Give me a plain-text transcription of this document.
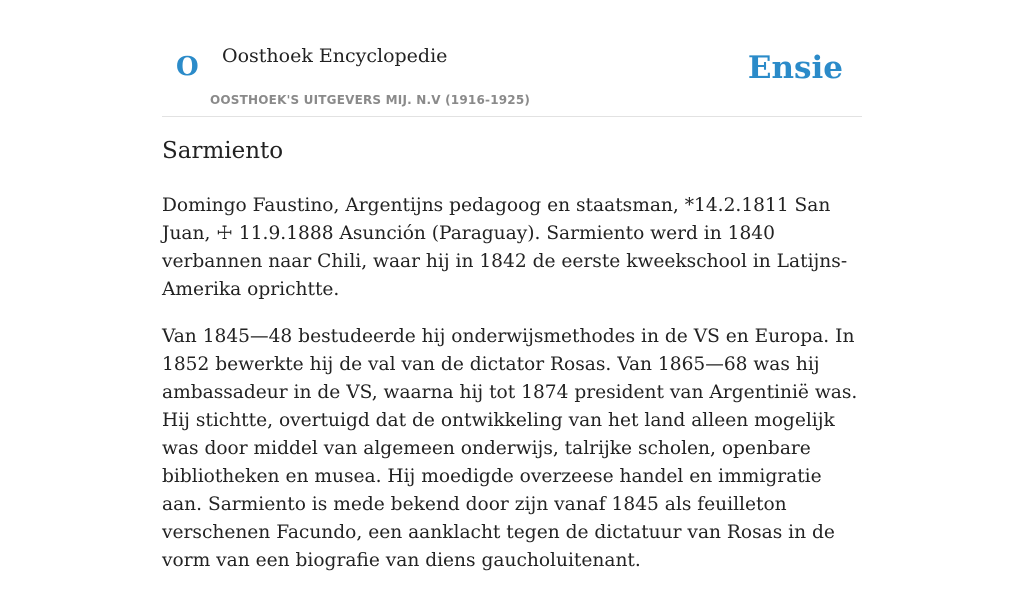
O Oosthoek Encyclopedie
OOSTHOEK'S UITGEVERS MIJ. N.V (1916-1925)
Ensie
Sarmiento

Domingo Faustino, Argentijns pedagoog en staatsman, *14.2.1811 San Juan, ☩ 11.9.1888 Asunción (Paraguay). Sarmiento werd in 1840 verbannen naar Chili, waar hij in 1842 de eerste kweekschool in Latijns-Amerika oprichtte.

Van 1845—48 bestudeerde hij onderwijsmethodes in de VS en Europa. In 1852 bewerkte hij de val van de dictator Rosas. Van 1865—68 was hij ambassadeur in de VS, waarna hij tot 1874 president van Argentinië was. Hij stichtte, overtuigd dat de ontwikkeling van het land alleen mogelijk was door middel van algemeen onderwijs, talrijke scholen, openbare bibliotheken en musea. Hij moedigde overzeese handel en immigratie aan. Sarmiento is mede bekend door zijn vanaf 1845 als feuilleton verschenen Facundo, een aanklacht tegen de dictatuur van Rosas in de vorm van een biografie van diens gaucholuitenant.
